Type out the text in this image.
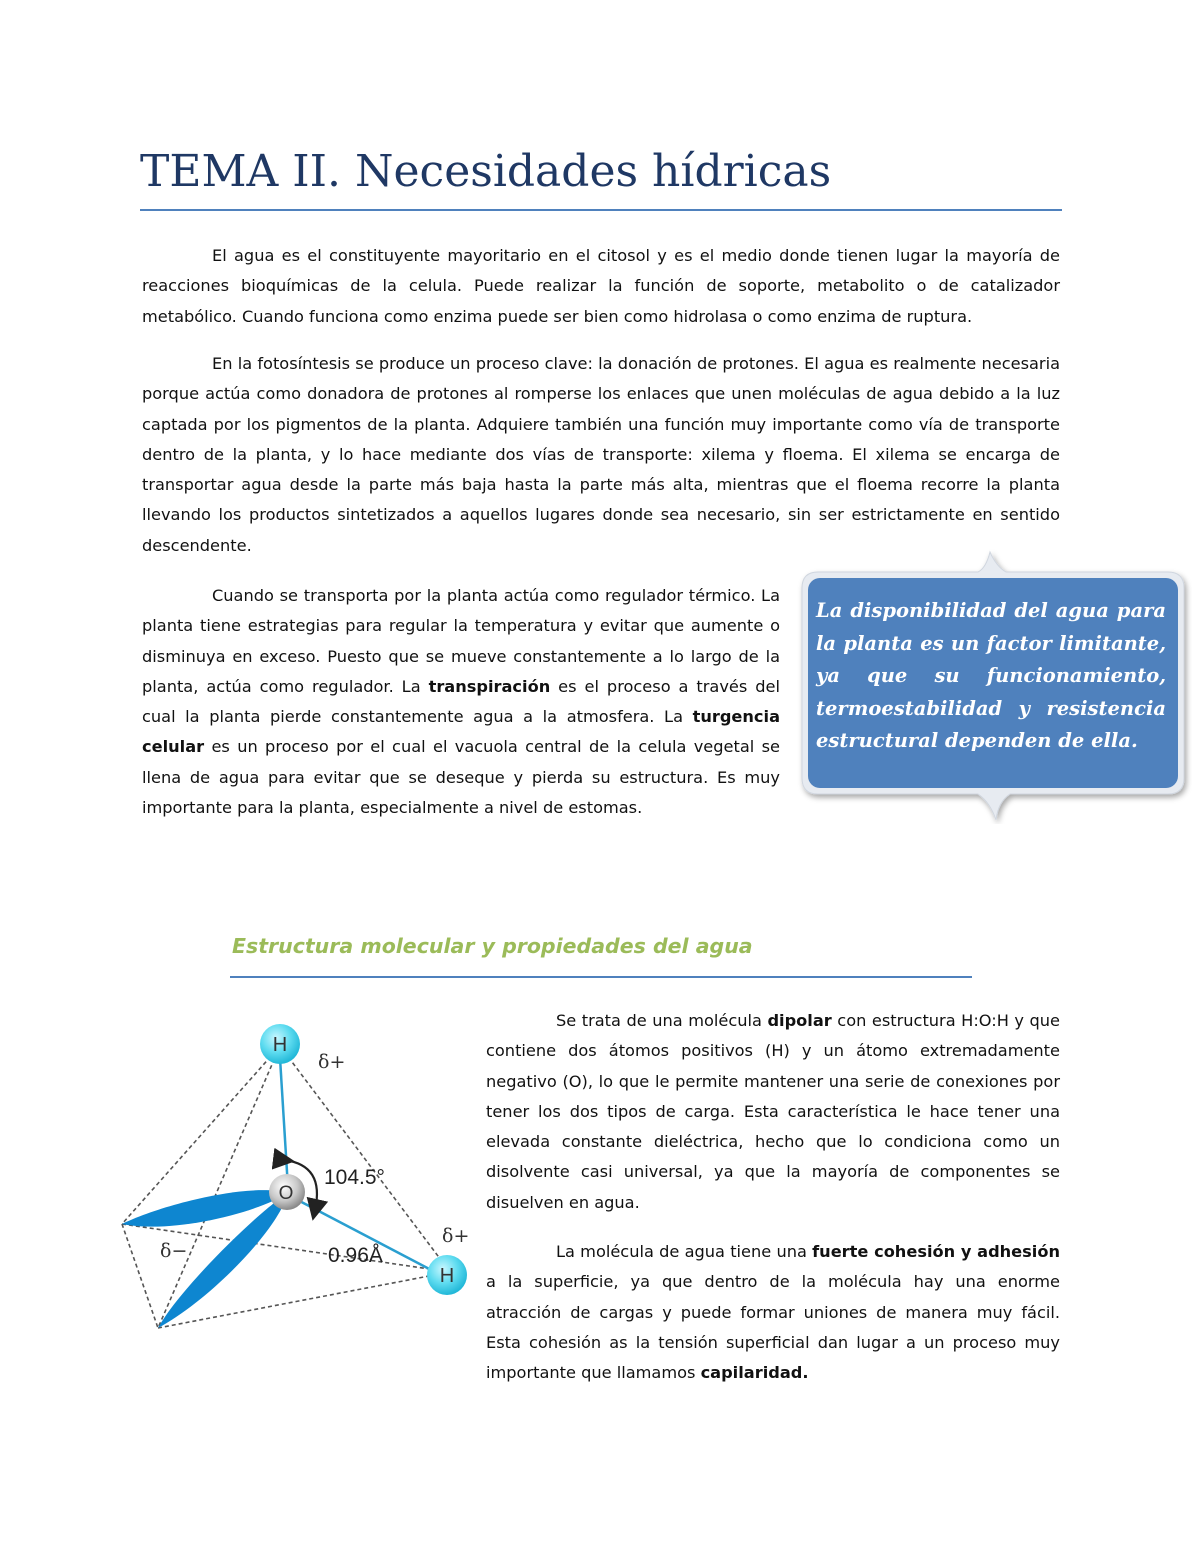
TEMA II. Necesidades hídricas

El agua es el constituyente mayoritario en el citosol y es el medio donde tienen lugar la mayoría de reacciones bioquímicas de la celula. Puede realizar la función de soporte, metabolito o de catalizador metabólico. Cuando funciona como enzima puede ser bien como hidrolasa o como enzima de ruptura.

En la fotosíntesis se produce un proceso clave: la donación de protones. El agua es realmente necesaria porque actúa como donadora de protones al romperse los enlaces que unen moléculas de agua debido a la luz captada por los pigmentos de la planta. Adquiere también una función muy importante como vía de transporte dentro de la planta, y lo hace mediante dos vías de transporte: xilema y floema. El xilema se encarga de transportar agua desde la parte más baja hasta la parte más alta, mientras que el floema recorre la planta llevando los productos sintetizados a aquellos lugares donde sea necesario, sin ser estrictamente en sentido descendente.

Cuando se transporta por la planta actúa como regulador térmico. La planta tiene estrategias para regular la temperatura y evitar que aumente o disminuya en exceso. Puesto que se mueve constantemente a lo largo de la planta, actúa como regulador. La transpiración es el proceso a través del cual la planta pierde constantemente agua a la atmosfera. La turgencia celular es un proceso por el cual el vacuola central de la celula vegetal se llena de agua para evitar que se deseque y pierda su estructura. Es muy importante para la planta, especialmente a nivel de estomas.

La disponibilidad del agua para la planta es un factor limitante, ya que su funcionamiento, termoestabilidad y resistencia estructural dependen de ella.

Estructura molecular y propiedades del agua
H
O
H
δ+
δ−
δ+
104.5°
0.96Å

Se trata de una molécula dipolar con estructura H:O:H y que contiene dos átomos positivos (H) y un átomo extremadamente negativo (O), lo que le permite mantener una serie de conexiones por tener los dos tipos de carga. Esta característica le hace tener una elevada constante dieléctrica, hecho que lo condiciona como un disolvente casi universal, ya que la mayoría de componentes se disuelven en agua.

La molécula de agua tiene una fuerte cohesión y adhesión a la superficie, ya que dentro de la molécula hay una enorme atracción de cargas y puede formar uniones de manera muy fácil. Esta cohesión as la tensión superficial dan lugar a un proceso muy importante que llamamos capilaridad.
